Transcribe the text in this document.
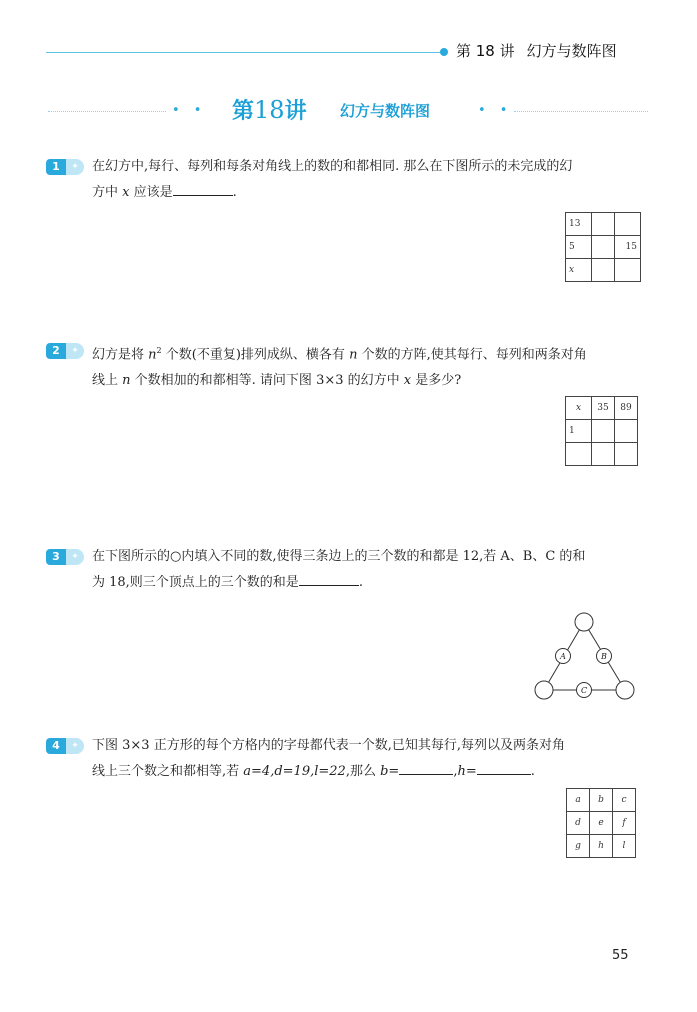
第 18 讲 幻方与数阵图
• • 第18讲 幻方与数阵图	• •
1	✦	在幻方中,每行、每列和每条对角线上的数的和都相同. 那么在下图所示的未完成的幻
方中 x 应该是	.
13		
5		15
x		
2	✦	幻方是将 $n^2$ 个数(不重复)排列成纵、横各有 n 个数的方阵,使其每行、每列和两条对角
线上 n 个数相加的和都相等. 请问下图 3×3 的幻方中 x 是多少?
x	35	89
1		

3	✦	在下图所示的○内填入不同的数,使得三条边上的三个数的和都是 12,若 A、B、C 的和
为 18,则三个顶点上的三个数的和是	.
A	B
C
4	✦	下图 3×3 正方形的每个方格内的字母都代表一个数,已知其每行,每列以及两条对角
线上三个数之和都相等,若 a=4,d=19,l=22,那么 b=	,h=	.
a	b	c
d	e	f
g	h	l
55
